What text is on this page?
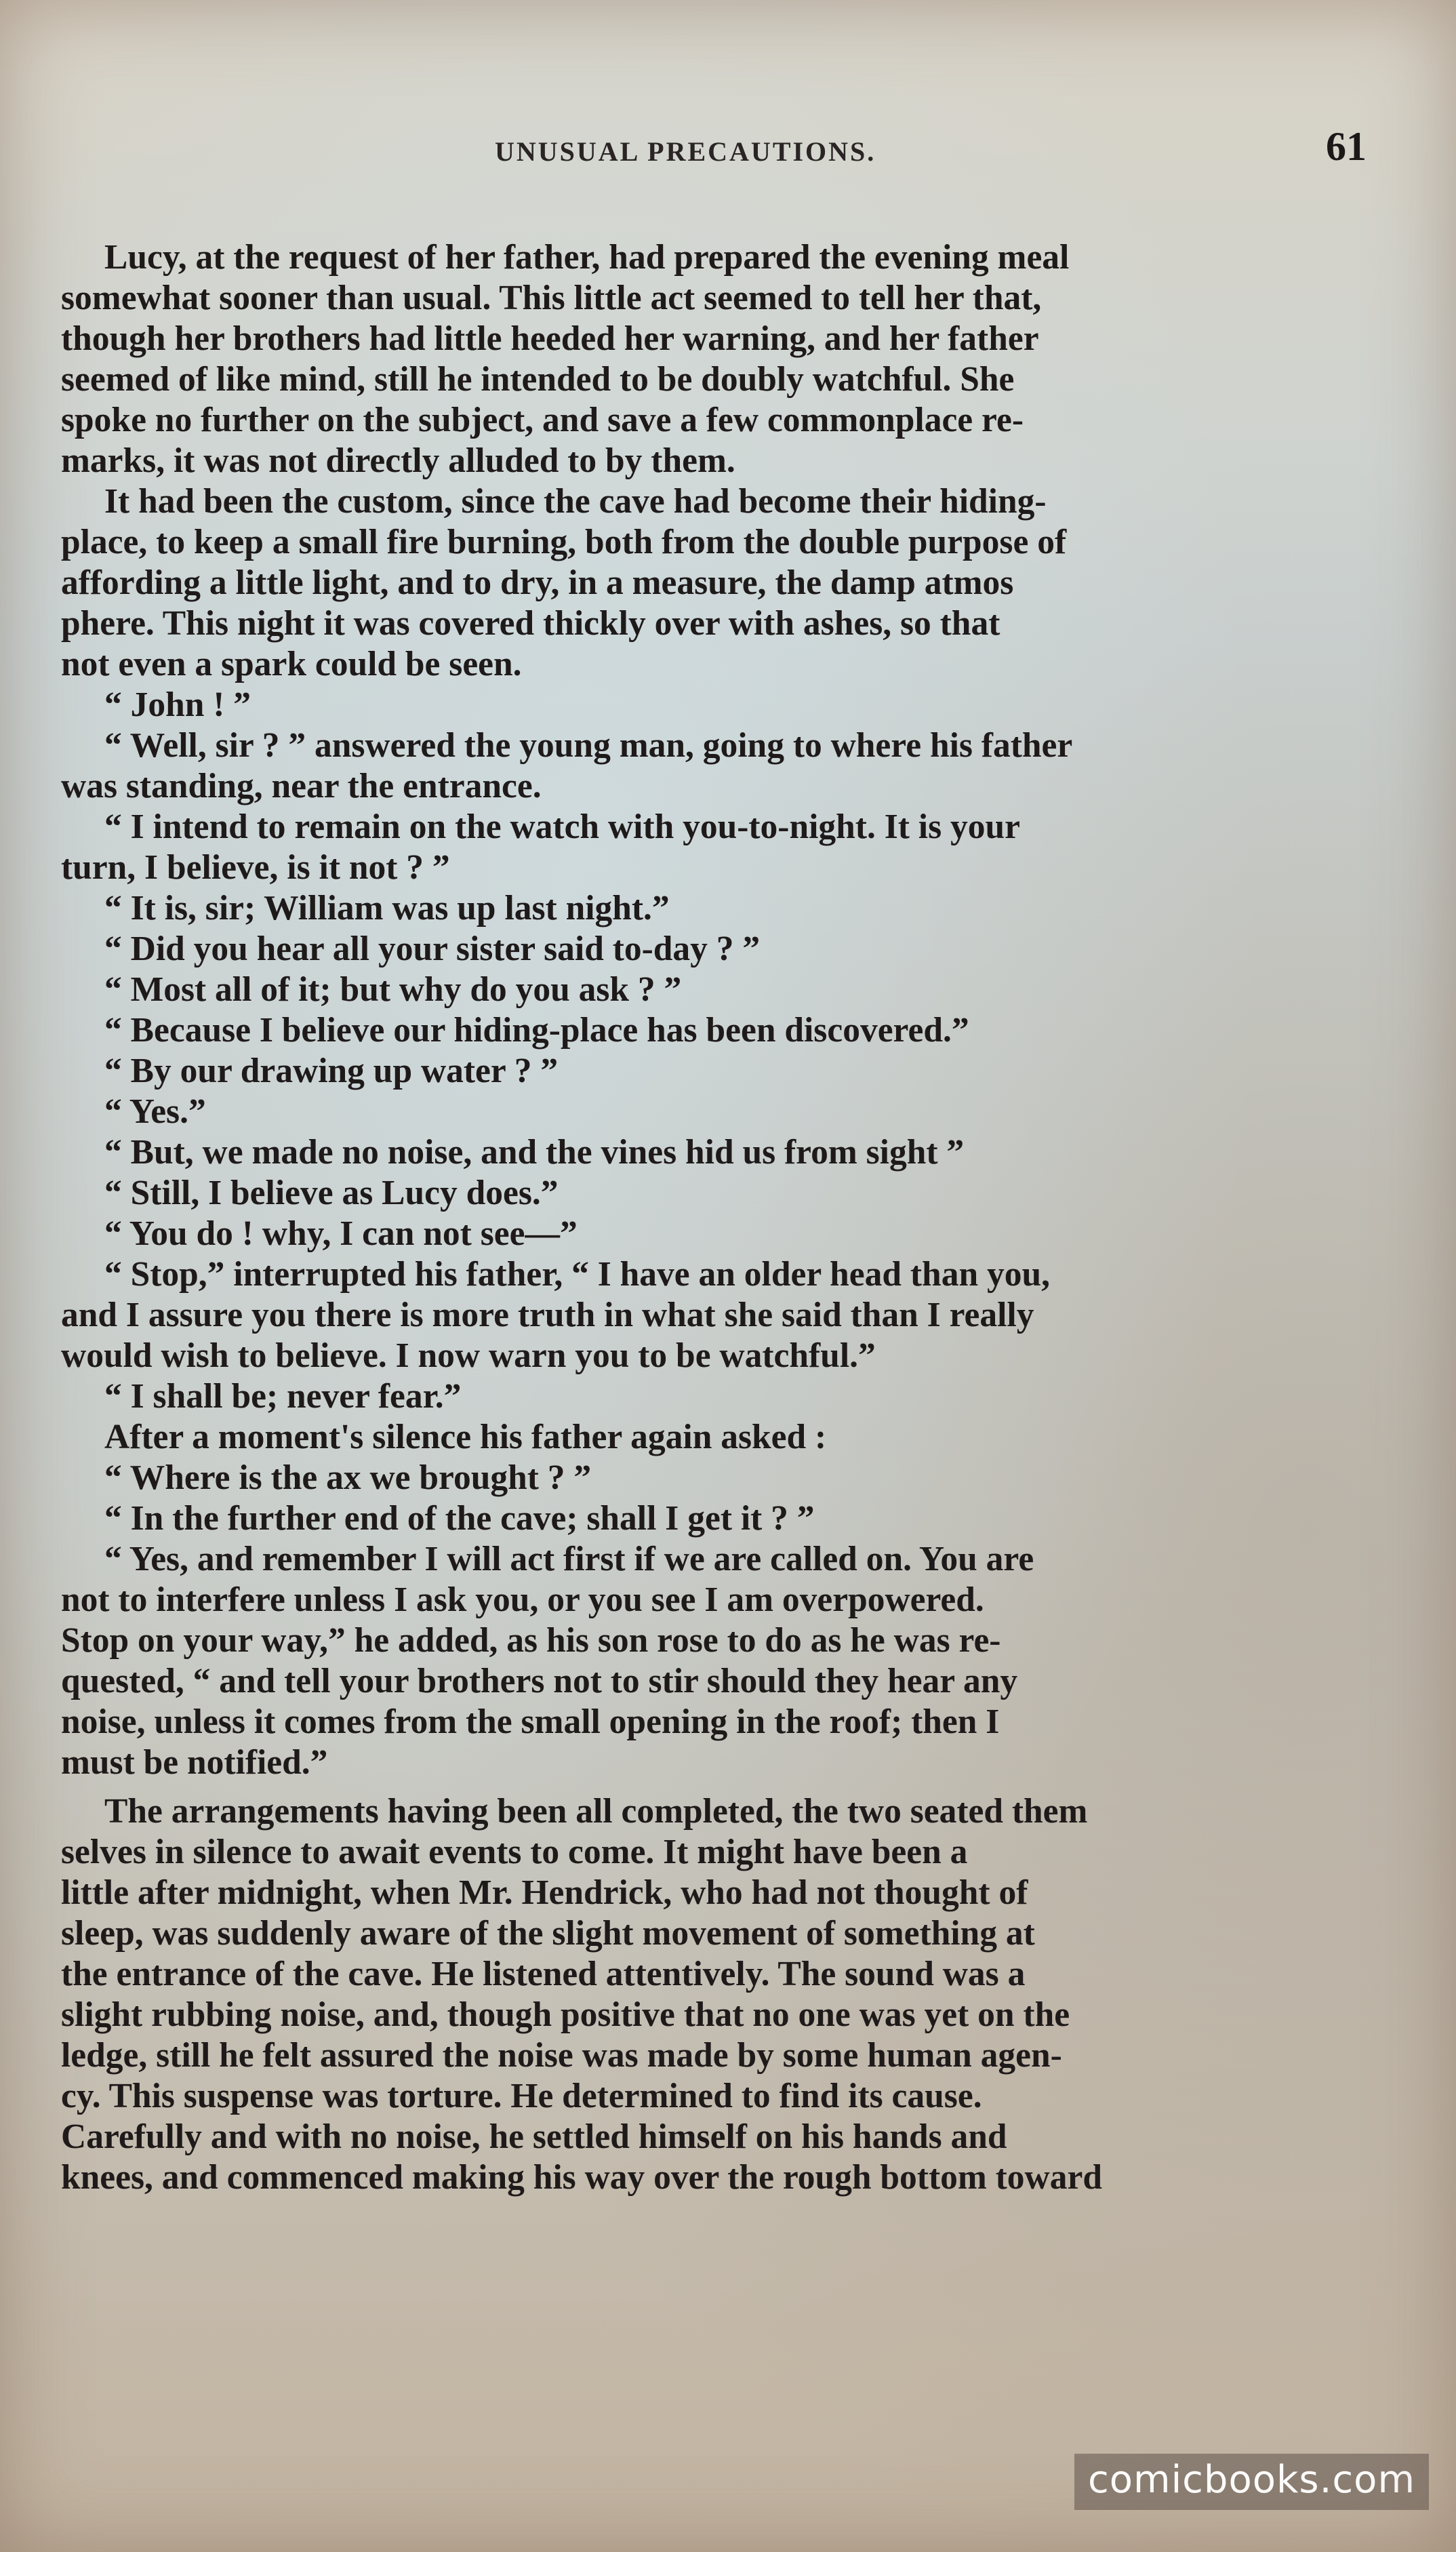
UNUSUAL PRECAUTIONS.	61

Lucy, at the request of her father, had prepared the evening meal

somewhat sooner than usual. This little act seemed to tell her that,

though her brothers had little heeded her warning, and her father

seemed of like mind, still he intended to be doubly watchful. She

spoke no further on the subject, and save a few commonplace re-

marks, it was not directly alluded to by them.

It had been the custom, since the cave had become their hiding-

place, to keep a small fire burning, both from the double purpose of

affording a little light, and to dry, in a measure, the damp atmos

phere. This night it was covered thickly over with ashes, so that

not even a spark could be seen.

“ John ! ”

“ Well, sir ? ” answered the young man, going to where his father

was standing, near the entrance.

“ I intend to remain on the watch with you-to-night. It is your

turn, I believe, is it not ? ”

“ It is, sir; William was up last night.”

“ Did you hear all your sister said to-day ? ”

“ Most all of it; but why do you ask ? ”

“ Because I believe our hiding-place has been discovered.”

“ By our drawing up water ? ”

“ Yes.”

“ But, we made no noise, and the vines hid us from sight ”

“ Still, I believe as Lucy does.”

“ You do ! why, I can not see—”

“ Stop,” interrupted his father, “ I have an older head than you,

and I assure you there is more truth in what she said than I really

would wish to believe. I now warn you to be watchful.”

“ I shall be; never fear.”

After a moment's silence his father again asked :

“ Where is the ax we brought ? ”

“ In the further end of the cave; shall I get it ? ”

“ Yes, and remember I will act first if we are called on. You are

not to interfere unless I ask you, or you see I am overpowered.

Stop on your way,” he added, as his son rose to do as he was re-

quested, “ and tell your brothers not to stir should they hear any

noise, unless it comes from the small opening in the roof; then I

must be notified.”

The arrangements having been all completed, the two seated them

selves in silence to await events to come. It might have been a

little after midnight, when Mr. Hendrick, who had not thought of

sleep, was suddenly aware of the slight movement of something at

the entrance of the cave. He listened attentively. The sound was a

slight rubbing noise, and, though positive that no one was yet on the

ledge, still he felt assured the noise was made by some human agen-

cy. This suspense was torture. He determined to find its cause.

Carefully and with no noise, he settled himself on his hands and

knees, and commenced making his way over the rough bottom toward

comicbooks.com
